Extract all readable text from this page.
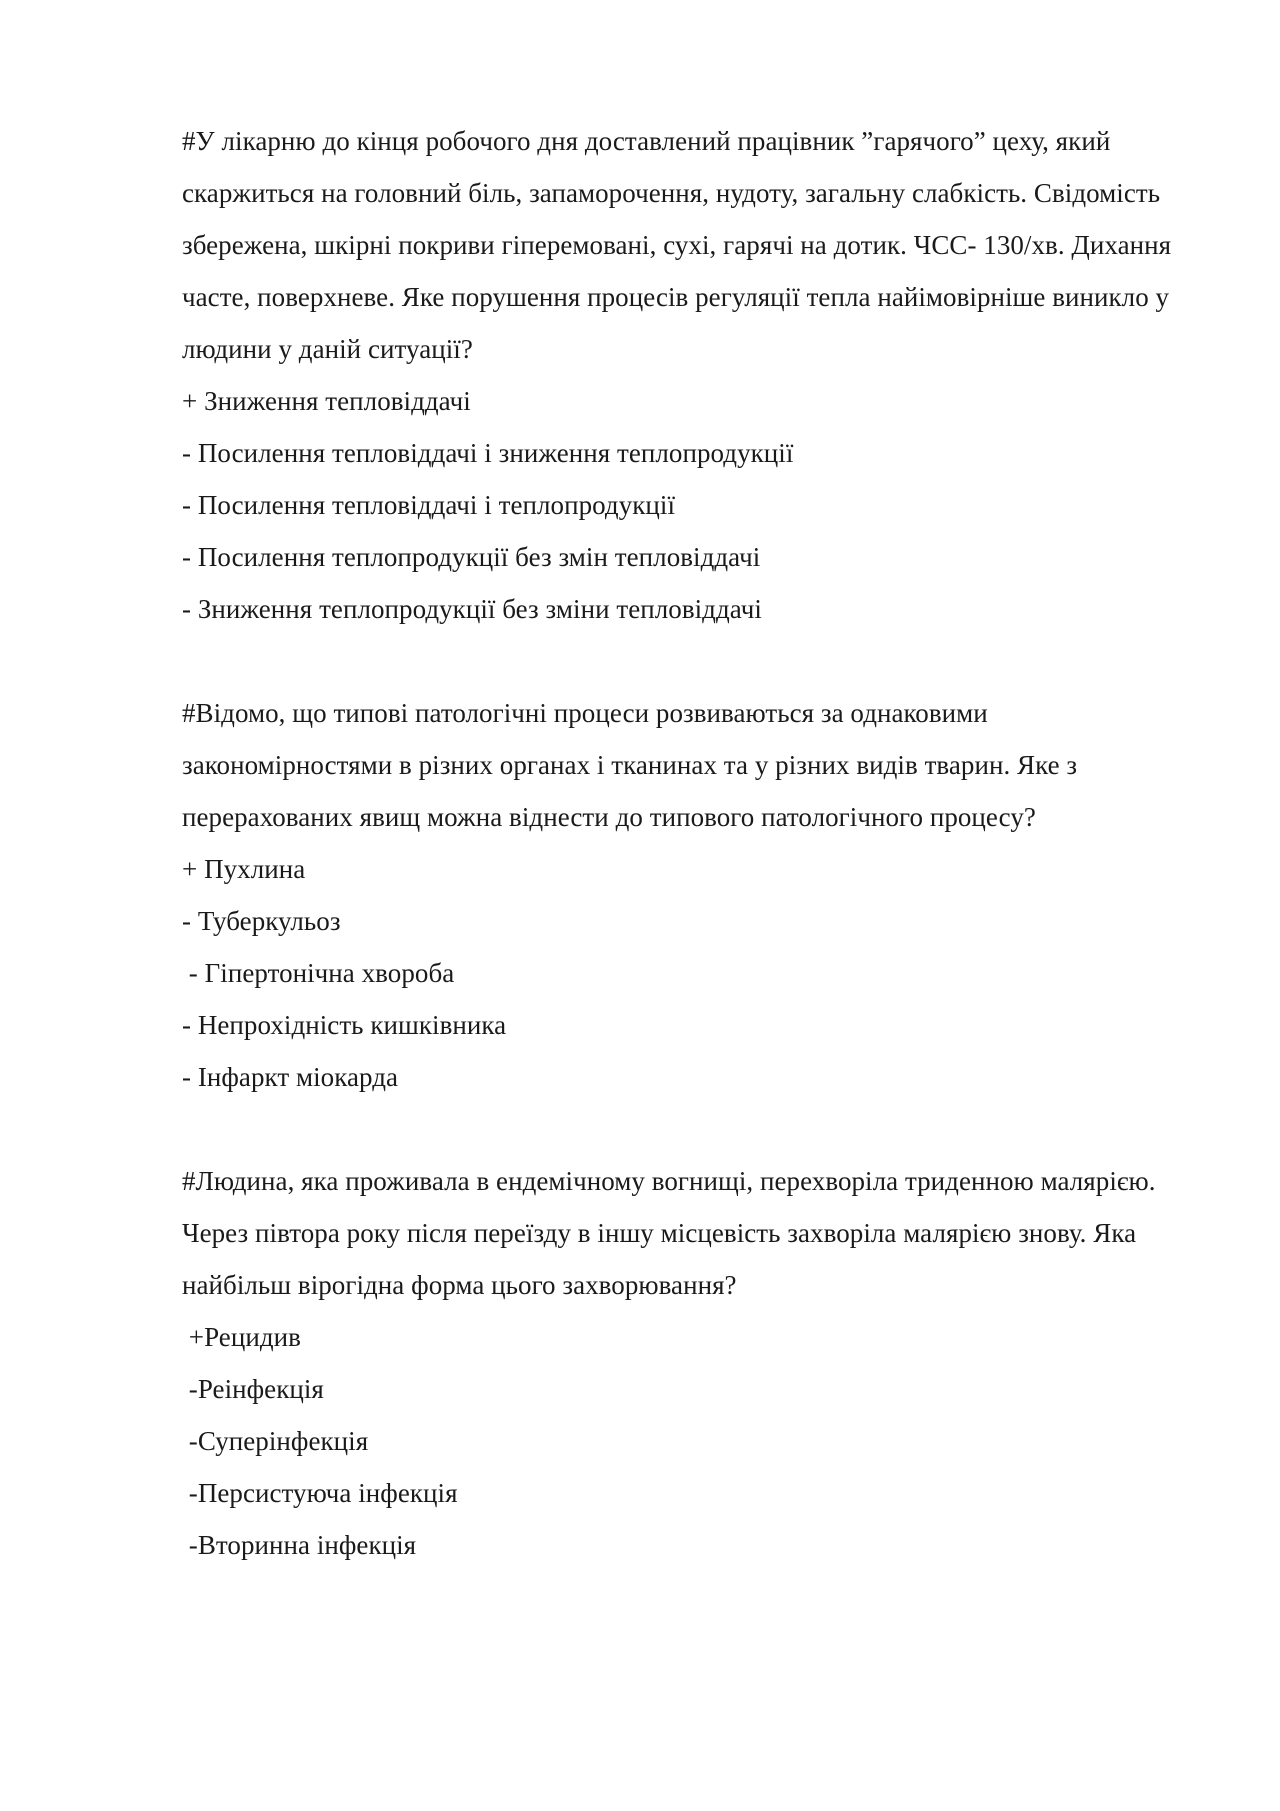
#У лікарню до кінця робочого дня доставлений працівник ”гарячого” цеху, який скаржиться на головний біль, запаморочення, нудоту, загальну слабкість. Свідомість збережена, шкірні покриви гіперемовані, сухі, гарячі на дотик. ЧСС- 130/хв. Дихання часте, поверхневе. Яке порушення процесів регуляції тепла найімовірніше виникло у людини у даній ситуації?

+ Зниження тепловіддачі
- Посилення тепловіддачі і зниження теплопродукції
- Посилення тепловіддачі і теплопродукції
- Посилення теплопродукції без змін тепловіддачі
- Зниження теплопродукції без зміни тепловіддачі

#Відомо, що типові патологічні процеси розвиваються за однаковими закономірностями в різних органах і тканинах та у різних видів тварин. Яке з перерахованих явищ можна віднести до типового патологічного процесу?

+ Пухлина
- Туберкульоз
- Гіпертонічна хвороба
- Непрохідність кишківника
- Інфаркт міокарда

#Людина, яка проживала в ендемічному вогнищі, перехворіла триденною малярією. Через півтора року після переїзду в іншу місцевість захворіла малярією знову. Яка найбільш вірогідна форма цього захворювання?

+Рецидив
-Реінфекція
-Суперінфекція
-Персистуюча інфекція
-Вторинна інфекція
